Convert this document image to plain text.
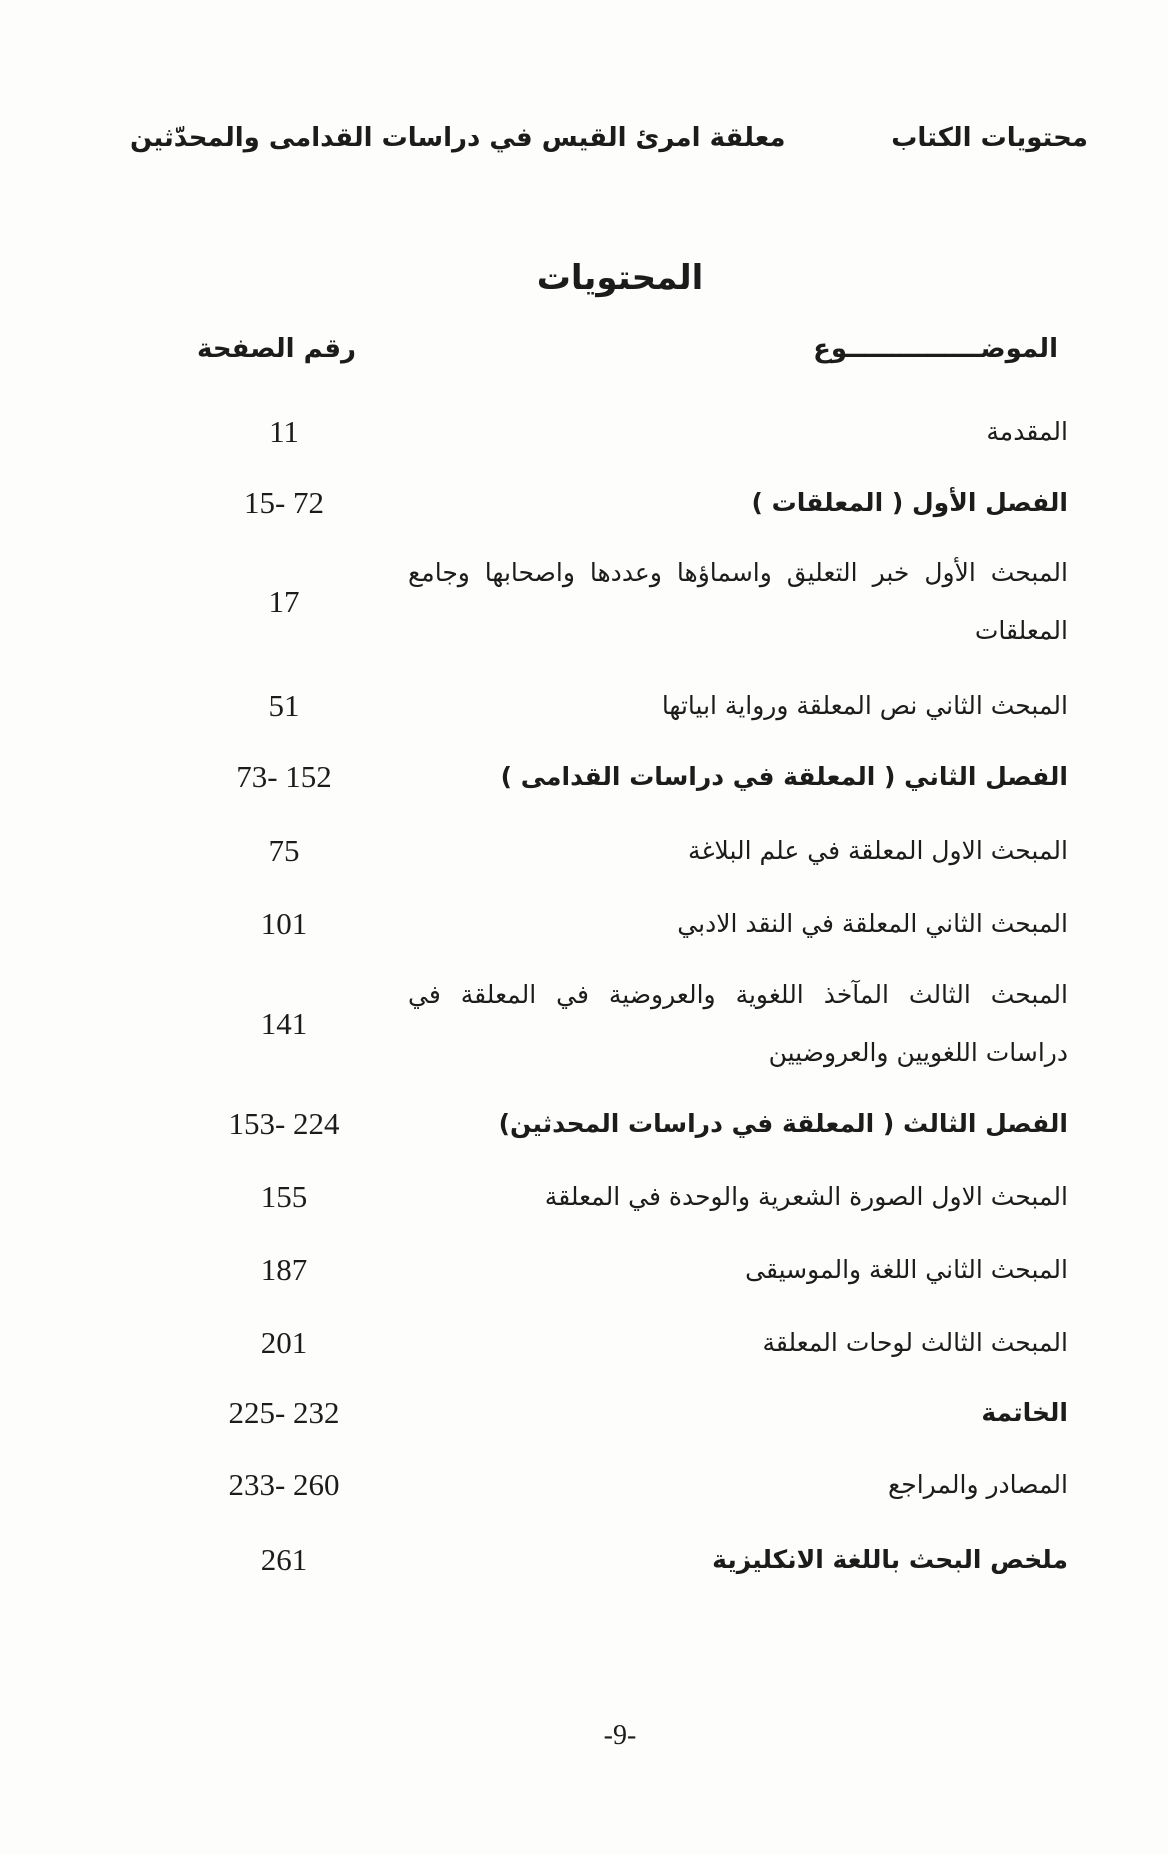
محتويات الكتاب
معلقة امرئ القيس في دراسات القدامى والمحدّثين
المحتويات
الموضـــــــــــــــوع
رقم الصفحة
المقدمة
11
الفصل الأول ( المعلقات )
15- 72
المبحث الأول خبر التعليق واسماؤها وعددها واصحابها وجامع المعلقات
17
المبحث الثاني نص المعلقة ورواية ابياتها
51
الفصل الثاني ( المعلقة في دراسات القدامى )
73- 152
المبحث الاول المعلقة في علم البلاغة
75
المبحث الثاني المعلقة في النقد الادبي
101
المبحث الثالث المآخذ اللغوية والعروضية في المعلقة في دراسات اللغويين والعروضيين
141
الفصل الثالث ( المعلقة في دراسات المحدثين)
153- 224
المبحث الاول الصورة الشعرية والوحدة في المعلقة
155
المبحث الثاني اللغة والموسيقى
187
المبحث الثالث لوحات المعلقة
201
الخاتمة
225- 232
المصادر والمراجع
233- 260
ملخص البحث باللغة الانكليزية
261
-9-
